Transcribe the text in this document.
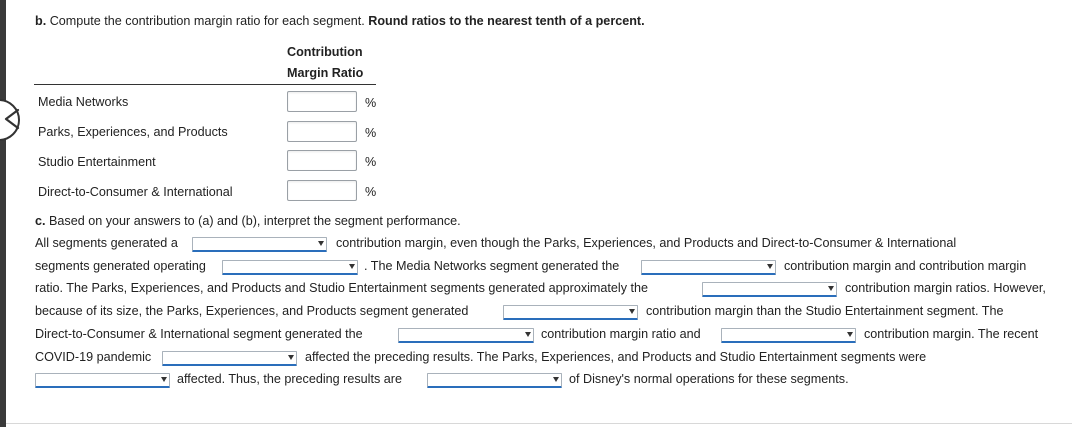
b. Compute the contribution margin ratio for each segment. Round ratios to the nearest tenth of a percent.
Contribution
Margin Ratio
Media Networks	%
Parks, Experiences, and Products	%
Studio Entertainment	%
Direct-to-Consumer & International	%
c. Based on your answers to (a) and (b), interpret the segment performance.
All segments generated a	contribution margin, even though the Parks, Experiences, and Products and Direct-to-Consumer & International
segments generated operating	. The Media Networks segment generated the	contribution margin and contribution margin
ratio. The Parks, Experiences, and Products and Studio Entertainment segments generated approximately the	contribution margin ratios. However,
because of its size, the Parks, Experiences, and Products segment generated	contribution margin than the Studio Entertainment segment. The
Direct-to-Consumer & International segment generated the	contribution margin ratio and	contribution margin. The recent
COVID-19 pandemic	affected the preceding results. The Parks, Experiences, and Products and Studio Entertainment segments were
affected. Thus, the preceding results are	of Disney's normal operations for these segments.
